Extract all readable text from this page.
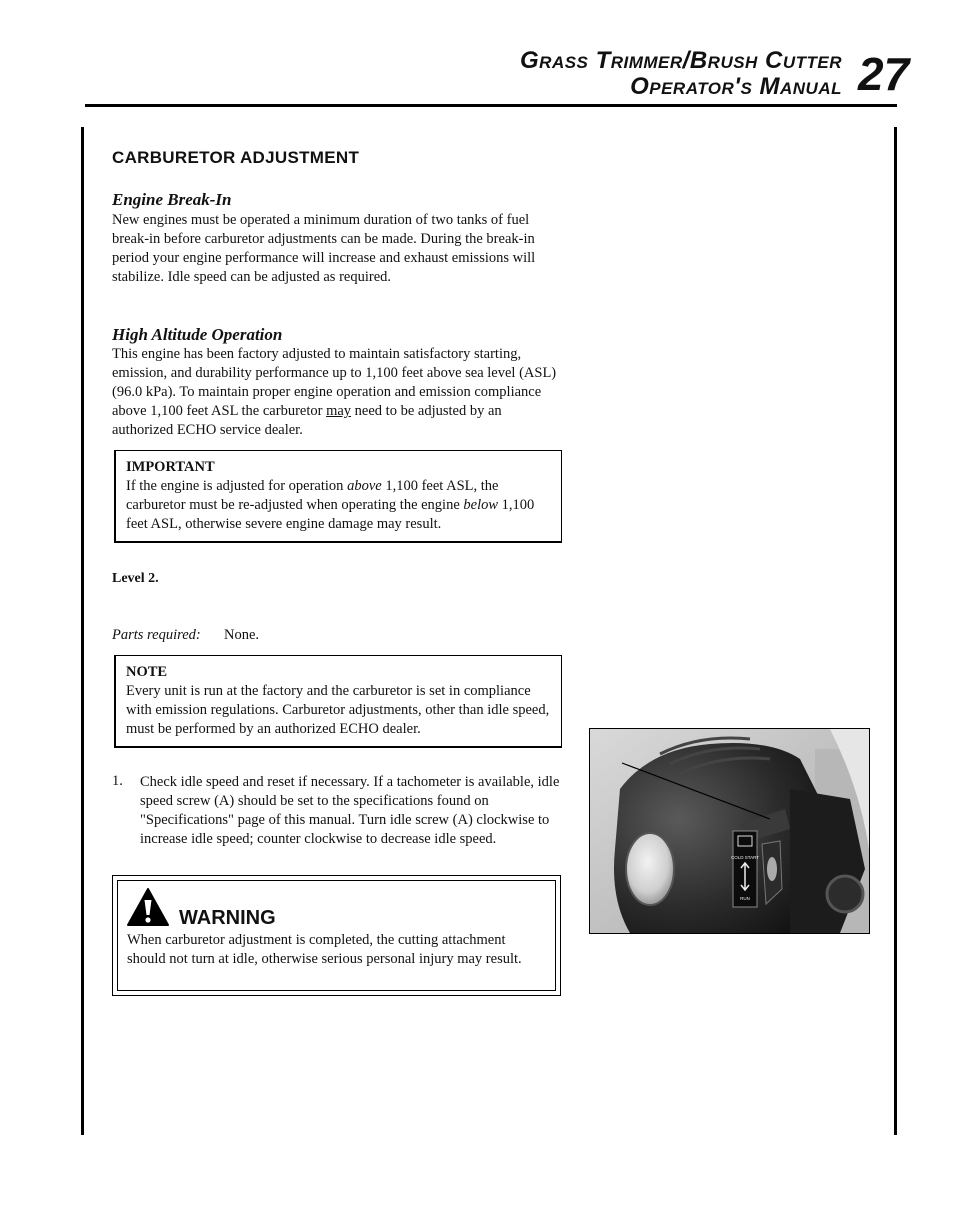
Grass Trimmer/Brush Cutter
Operator's Manual 27
CARBURETOR ADJUSTMENT
Engine Break-In
New engines must be operated a minimum duration of two tanks of fuel break-in before carburetor adjustments can be made. During the break-in period your engine performance will increase and exhaust emissions will stabilize. Idle speed can be adjusted as required.
High Altitude Operation
This engine has been factory adjusted to maintain satisfactory starting, emission, and durability performance up to 1,100 feet above sea level (ASL) (96.0 kPa). To maintain proper engine operation and emission compliance above 1,100 feet ASL the carburetor may need to be adjusted by an authorized ECHO service dealer.
IMPORTANT
If the engine is adjusted for operation above 1,100 feet ASL, the carburetor must be re-adjusted when operating the engine below 1,100 feet ASL, otherwise severe engine damage may result.
Level 2.
Parts required: None.
NOTE
Every unit is run at the factory and the carburetor is set in compliance with emission regulations. Carburetor adjustments, other than idle speed, must be performed by an authorized ECHO dealer.
1. Check idle speed and reset if necessary. If a tachometer is available, idle speed screw (A) should be set to the specifications found on "Specifications" page of this manual. Turn idle screw (A) clockwise to increase idle speed; counter clockwise to decrease idle speed.
WARNING
When carburetor adjustment is completed, the cutting attachment should not turn at idle, otherwise serious personal injury may result.
COLD START
RUN
